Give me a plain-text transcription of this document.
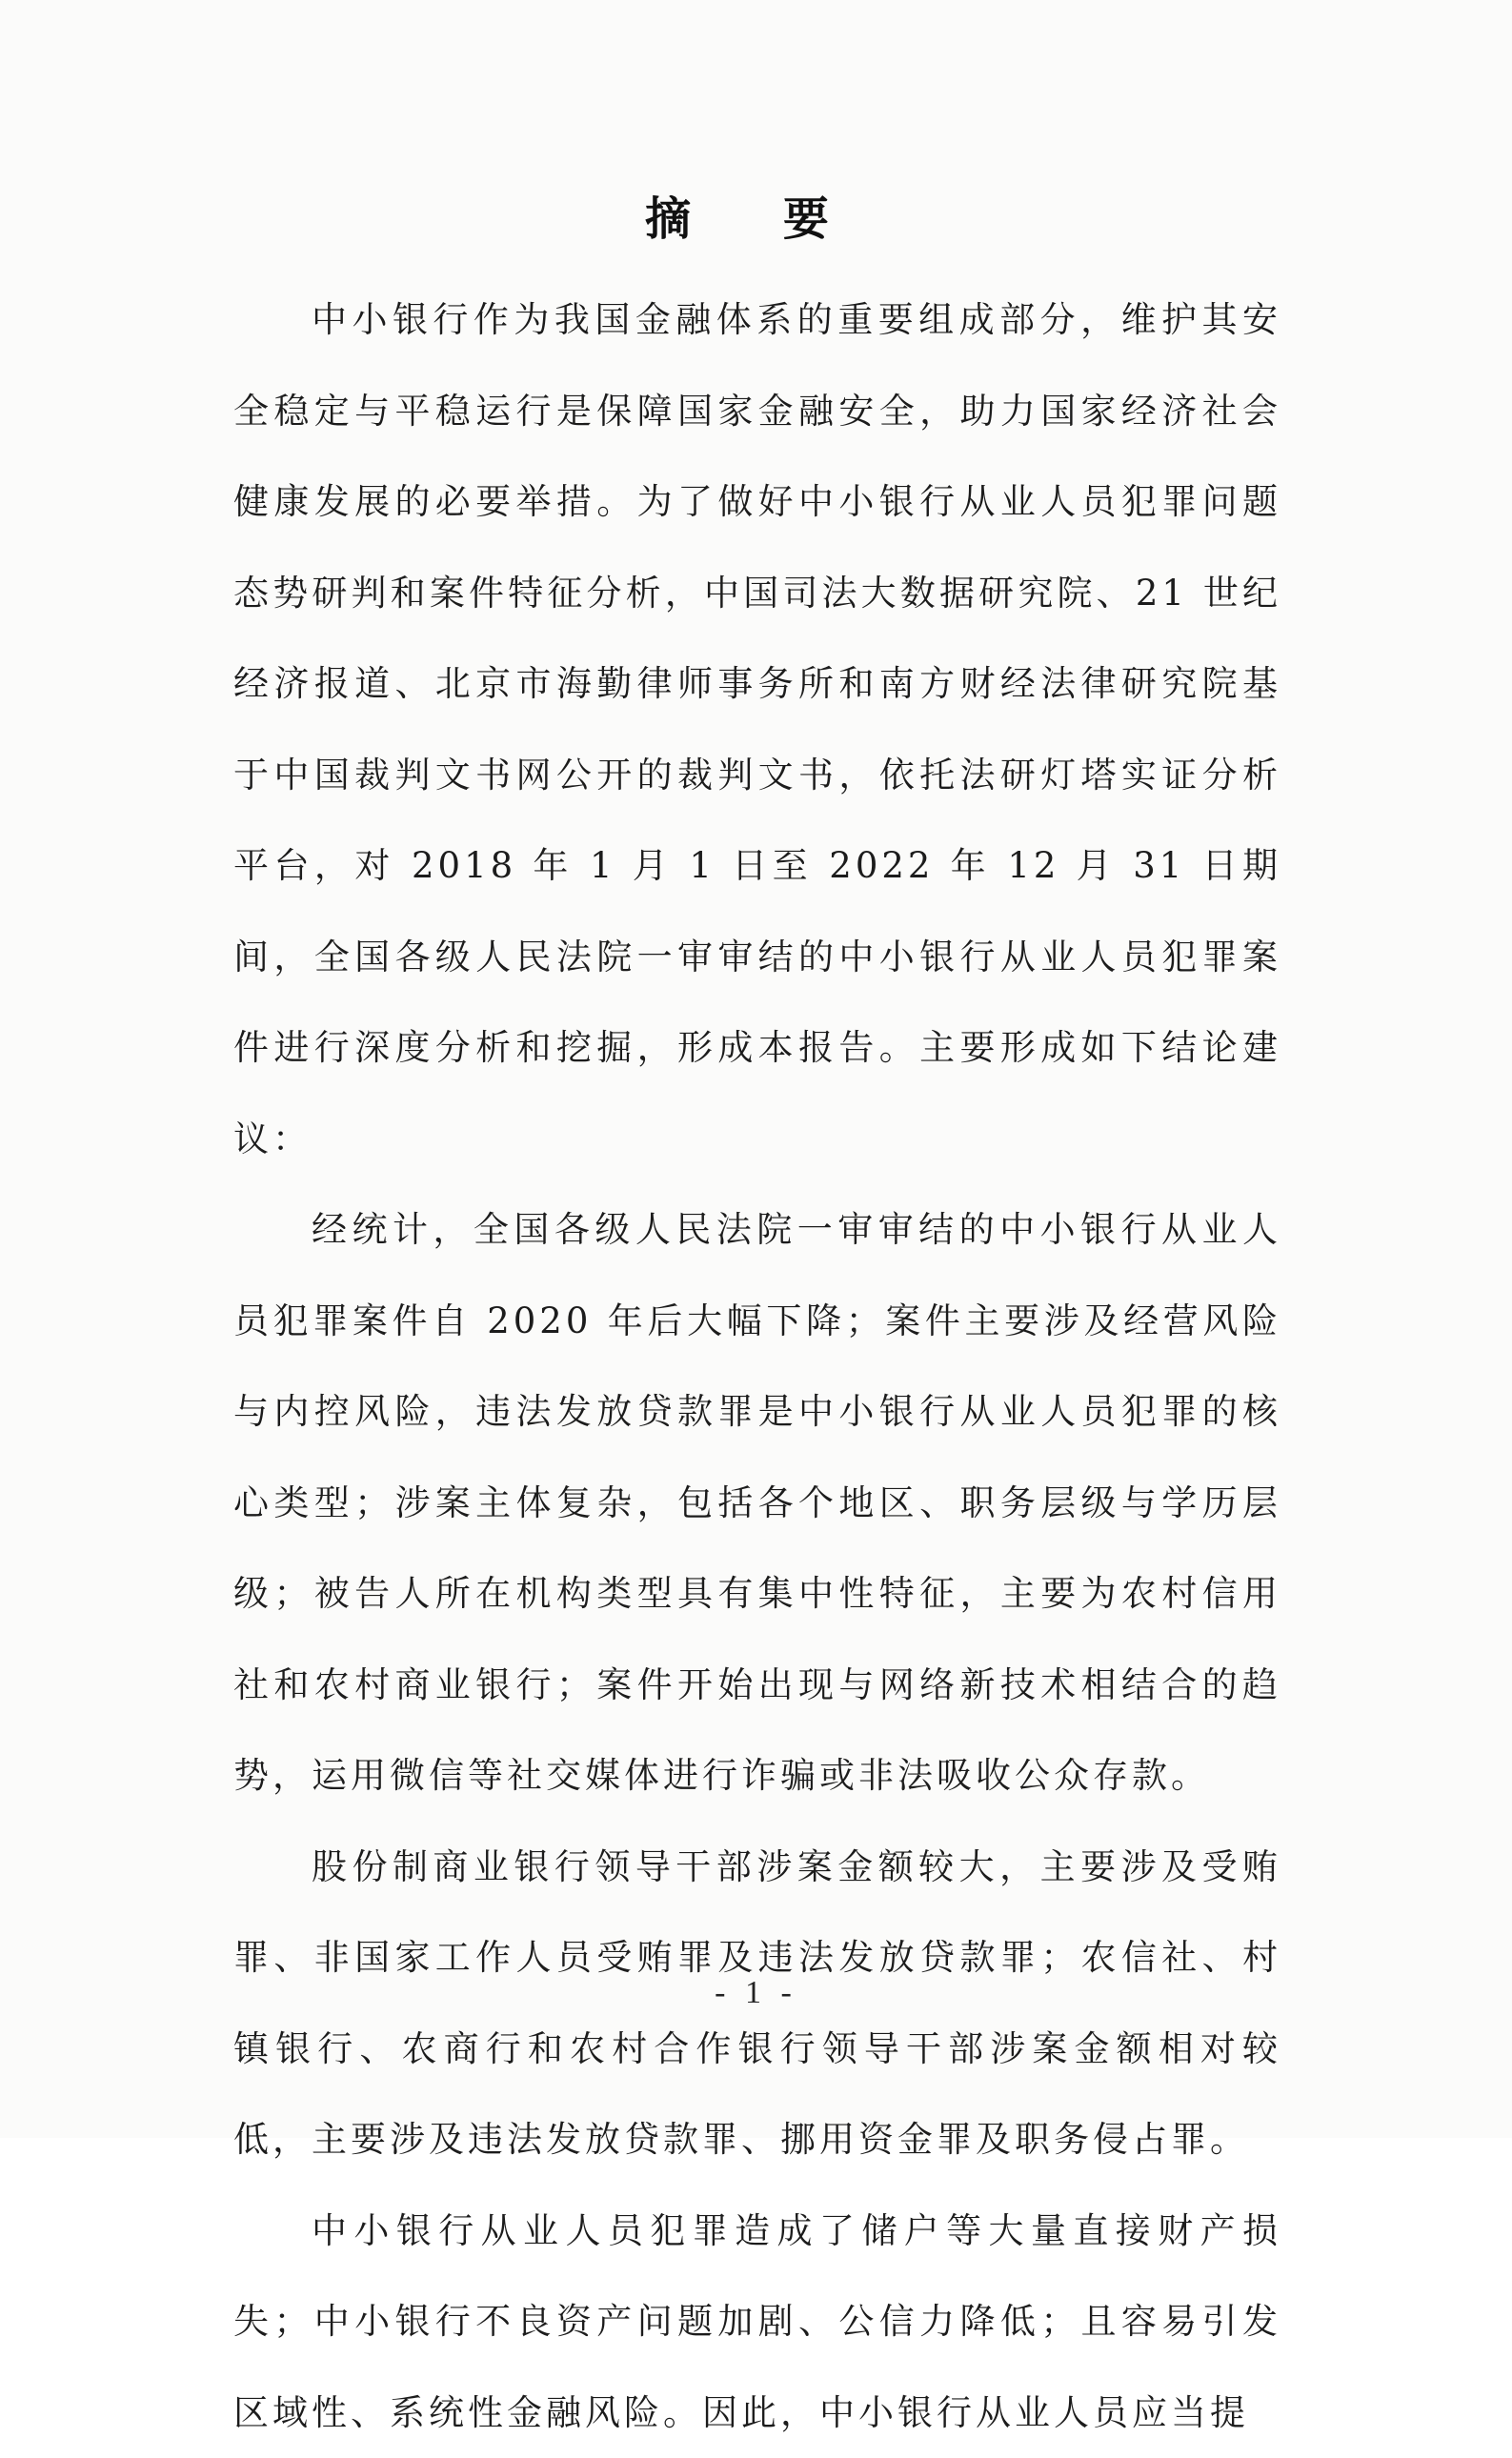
摘 要

中小银行作为我国金融体系的重要组成部分，维护其安全稳定与平稳运行是保障国家金融安全，助力国家经济社会健康发展的必要举措。为了做好中小银行从业人员犯罪问题态势研判和案件特征分析，中国司法大数据研究院、21 世纪经济报道、北京市海勤律师事务所和南方财经法律研究院基于中国裁判文书网公开的裁判文书，依托法研灯塔实证分析平台，对 2018 年 1 月 1 日至 2022 年 12 月 31 日期间，全国各级人民法院一审审结的中小银行从业人员犯罪案件进行深度分析和挖掘，形成本报告。主要形成如下结论建议：

经统计，全国各级人民法院一审审结的中小银行从业人员犯罪案件自 2020 年后大幅下降；案件主要涉及经营风险与内控风险，违法发放贷款罪是中小银行从业人员犯罪的核心类型；涉案主体复杂，包括各个地区、职务层级与学历层级；被告人所在机构类型具有集中性特征，主要为农村信用社和农村商业银行；案件开始出现与网络新技术相结合的趋势，运用微信等社交媒体进行诈骗或非法吸收公众存款。

股份制商业银行领导干部涉案金额较大，主要涉及受贿罪、非国家工作人员受贿罪及违法发放贷款罪；农信社、村镇银行、农商行和农村合作银行领导干部涉案金额相对较低，主要涉及违法发放贷款罪、挪用资金罪及职务侵占罪。

中小银行从业人员犯罪造成了储户等大量直接财产损失；中小银行不良资产问题加剧、公信力降低；且容易引发区域性、系统性金融风险。因此，中小银行从业人员应当提

- 1 -
